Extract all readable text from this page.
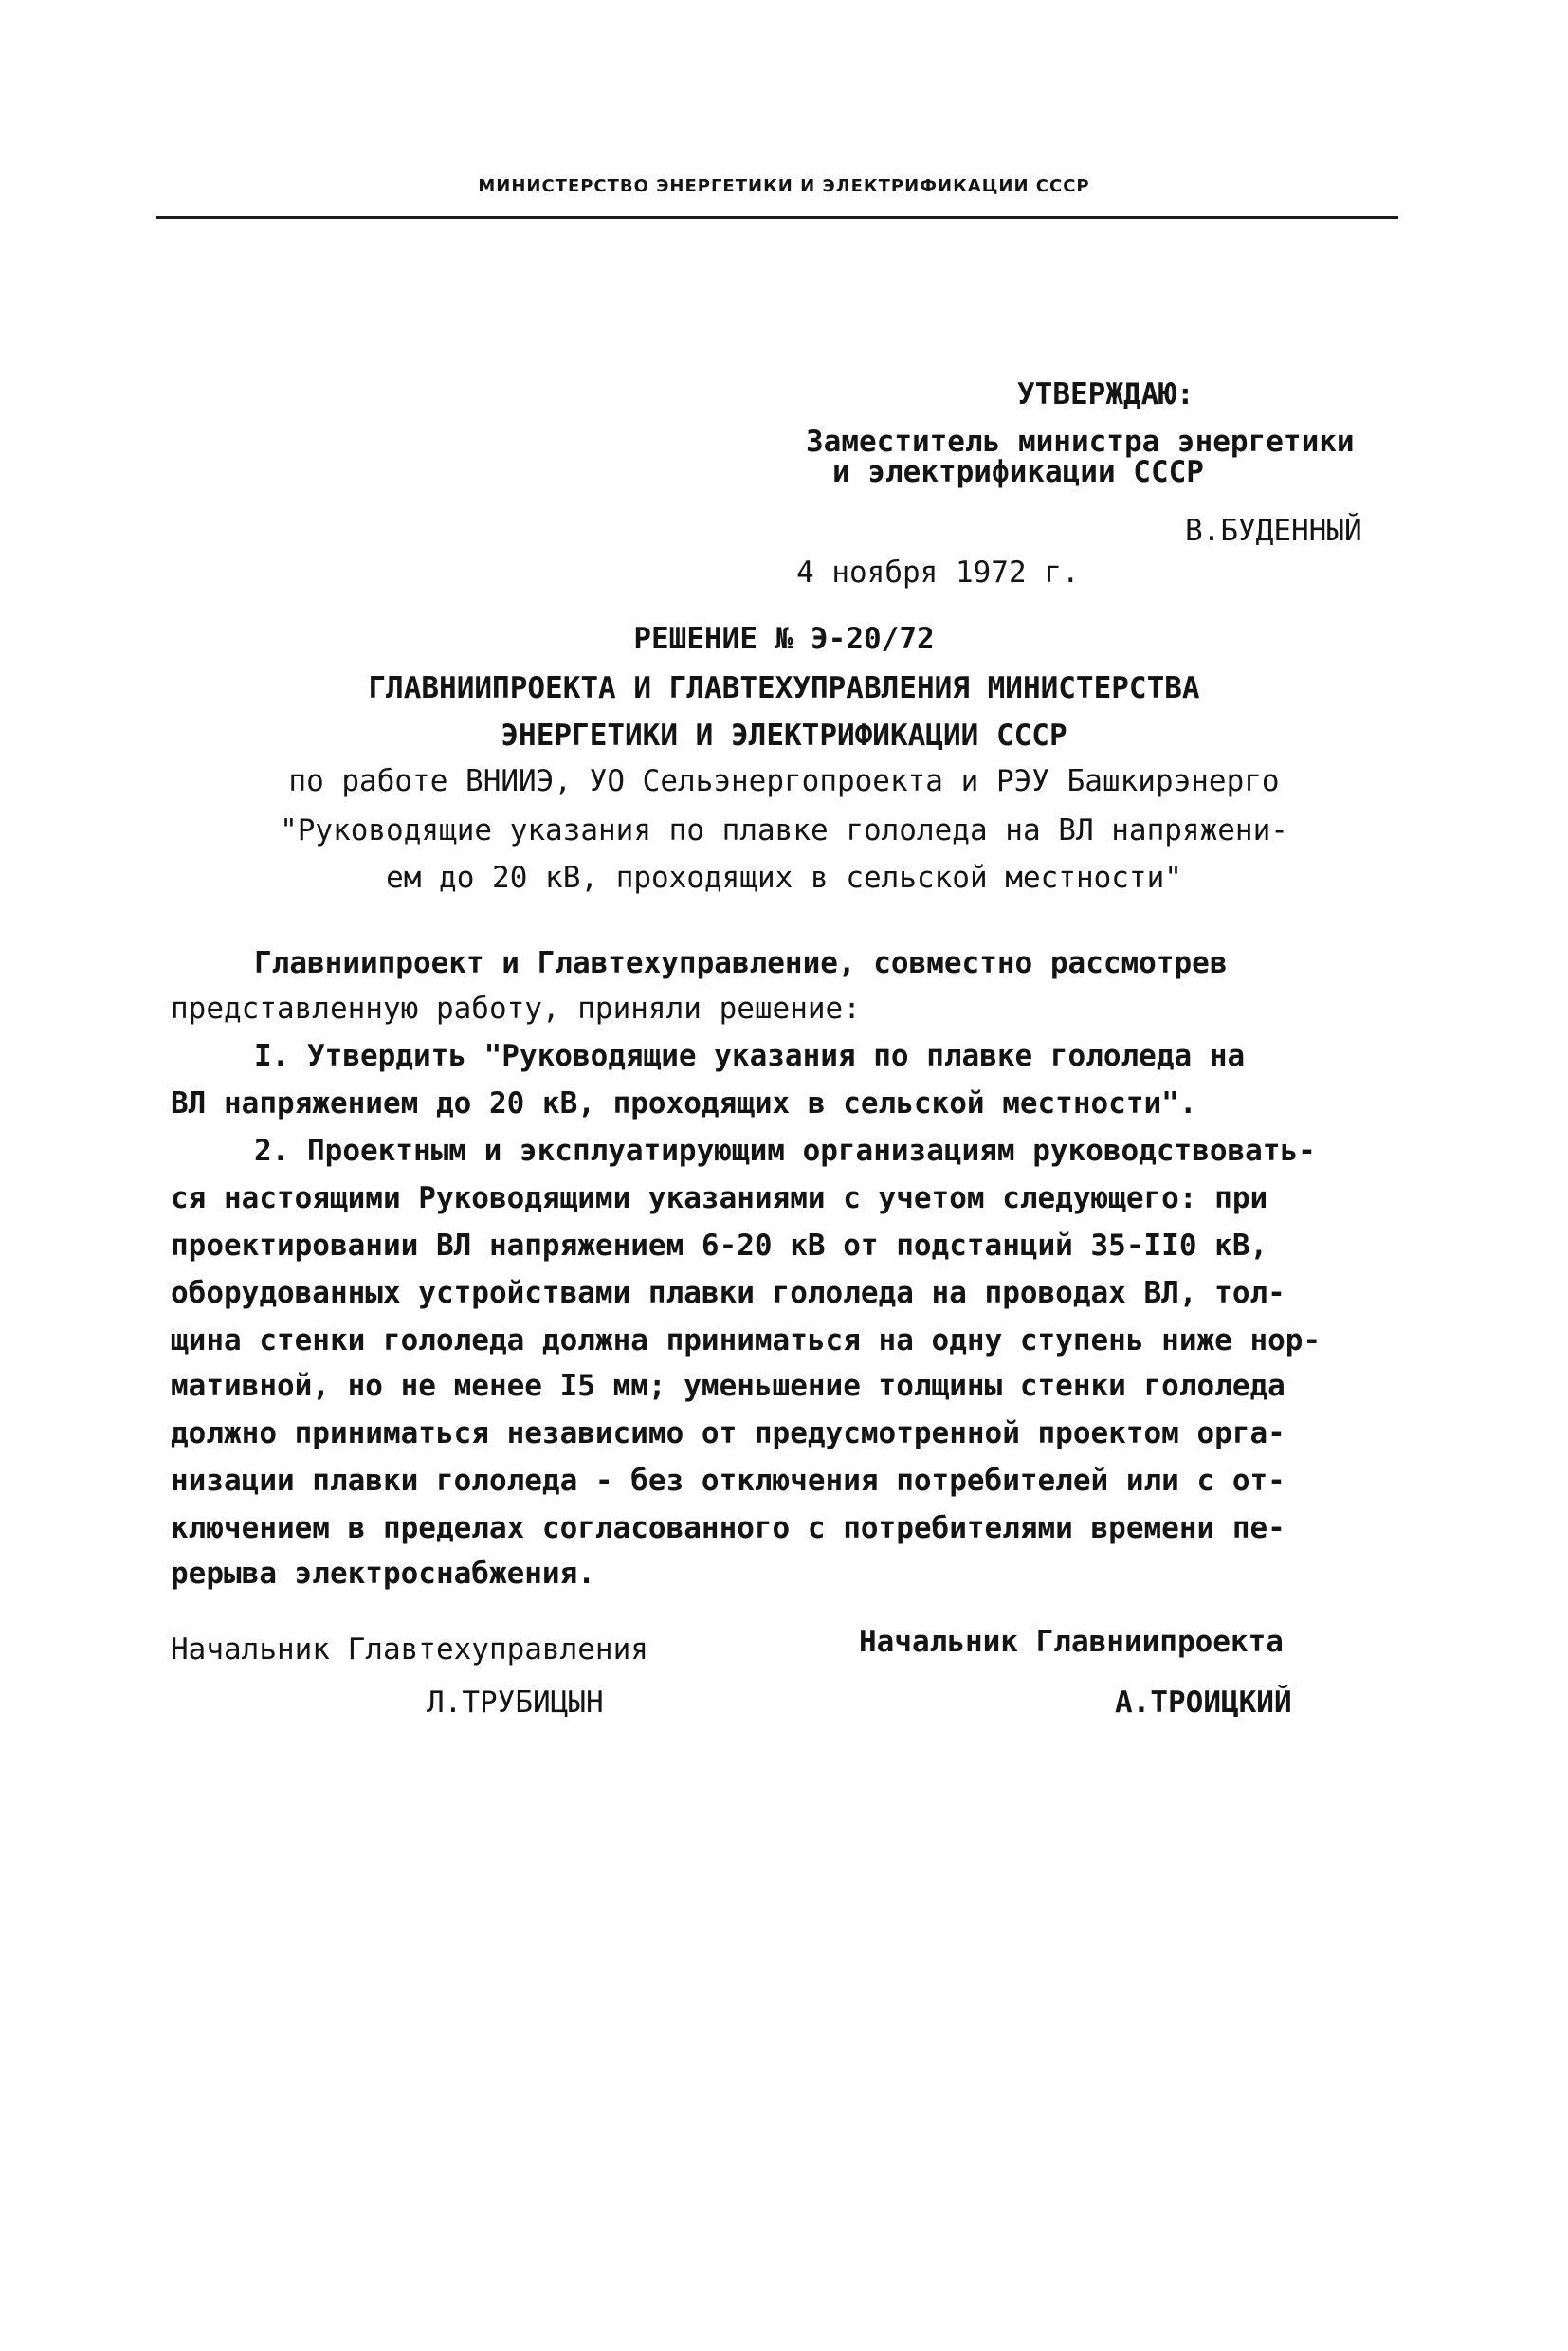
МИНИСТЕРСТВО ЭНЕРГЕТИКИ И ЭЛЕКТРИФИКАЦИИ СССР
УТВЕРЖДАЮ:
Заместитель министра энергетики
и электрификации СССР
В.БУДЕННЫЙ
4 ноября 1972 г.
РЕШЕНИЕ № Э-20/72
ГЛАВНИИПРОЕКТА И ГЛАВТЕХУПРАВЛЕНИЯ МИНИСТЕРСТВА
ЭНЕРГЕТИКИ И ЭЛЕКТРИФИКАЦИИ СССР
по работе ВНИИЭ, УО Сельэнергопроекта и РЭУ Башкирэнерго
"Руководящие указания по плавке гололеда на ВЛ напряжени-
ем до 20 кВ, проходящих в сельской местности"
Главниипроект и Главтехуправление, совместно рассмотрев
представленную работу, приняли решение:
I. Утвердить "Руководящие указания по плавке гололеда на
ВЛ напряжением до 20 кВ, проходящих в сельской местности".
2. Проектным и эксплуатирующим организациям руководствовать-
ся настоящими Руководящими указаниями с учетом следующего: при
проектировании ВЛ напряжением 6-20 кВ от подстанций 35-II0 кВ,
оборудованных устройствами плавки гололеда на проводах ВЛ, тол-
щина стенки гололеда должна приниматься на одну ступень ниже нор-
мативной, но не менее I5 мм; уменьшение толщины стенки гололеда
должно приниматься независимо от предусмотренной проектом орга-
низации плавки гололеда - без отключения потребителей или с от-
ключением в пределах согласованного с потребителями времени пе-
рерыва электроснабжения.
Начальник Главтехуправления	Начальник Главниипроекта
Л.ТРУБИЦЫН	А.ТРОИЦКИЙ
